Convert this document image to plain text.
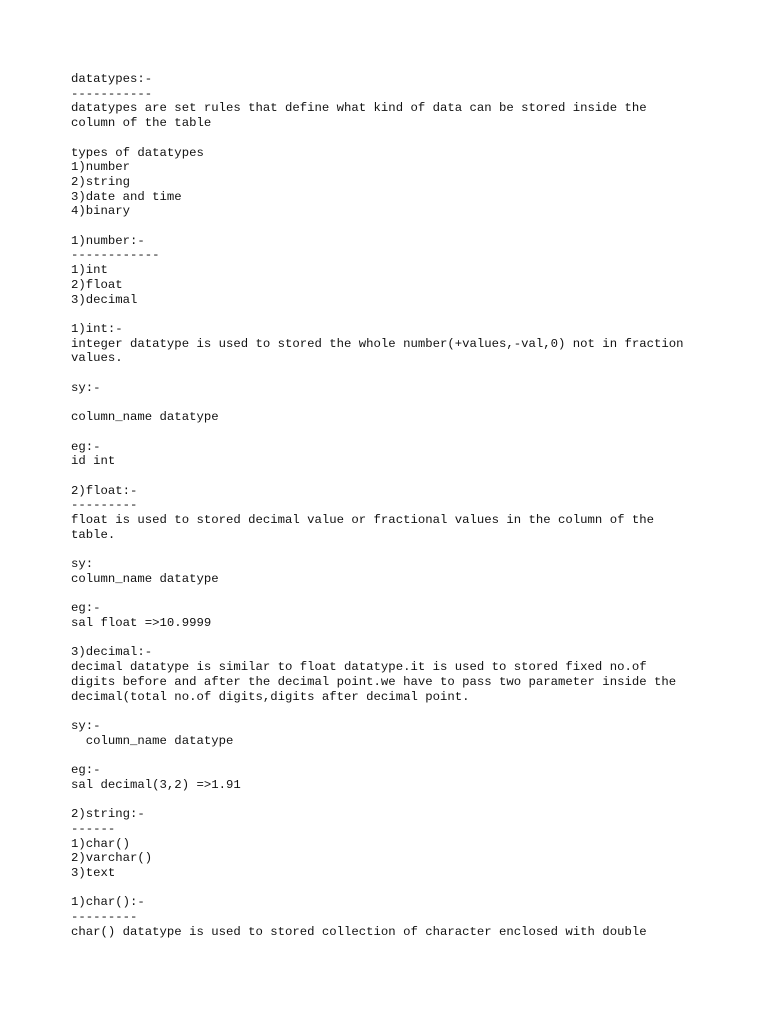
datatypes:-
-----------
datatypes are set rules that define what kind of data can be stored inside the
column of the table

types of datatypes
1)number
2)string
3)date and time
4)binary

1)number:-
------------
1)int
2)float
3)decimal

1)int:-
integer datatype is used to stored the whole number(+values,-val,0) not in fraction
values.

sy:-

column_name datatype

eg:-
id int

2)float:-
---------
float is used to stored decimal value or fractional values in the column of the
table.

sy:
column_name datatype

eg:-
sal float =>10.9999

3)decimal:-
decimal datatype is similar to float datatype.it is used to stored fixed no.of
digits before and after the decimal point.we have to pass two parameter inside the
decimal(total no.of digits,digits after decimal point.

sy:-
column_name datatype

eg:-
sal decimal(3,2) =>1.91

2)string:-
------
1)char()
2)varchar()
3)text

1)char():-
---------
char() datatype is used to stored collection of character enclosed with double
